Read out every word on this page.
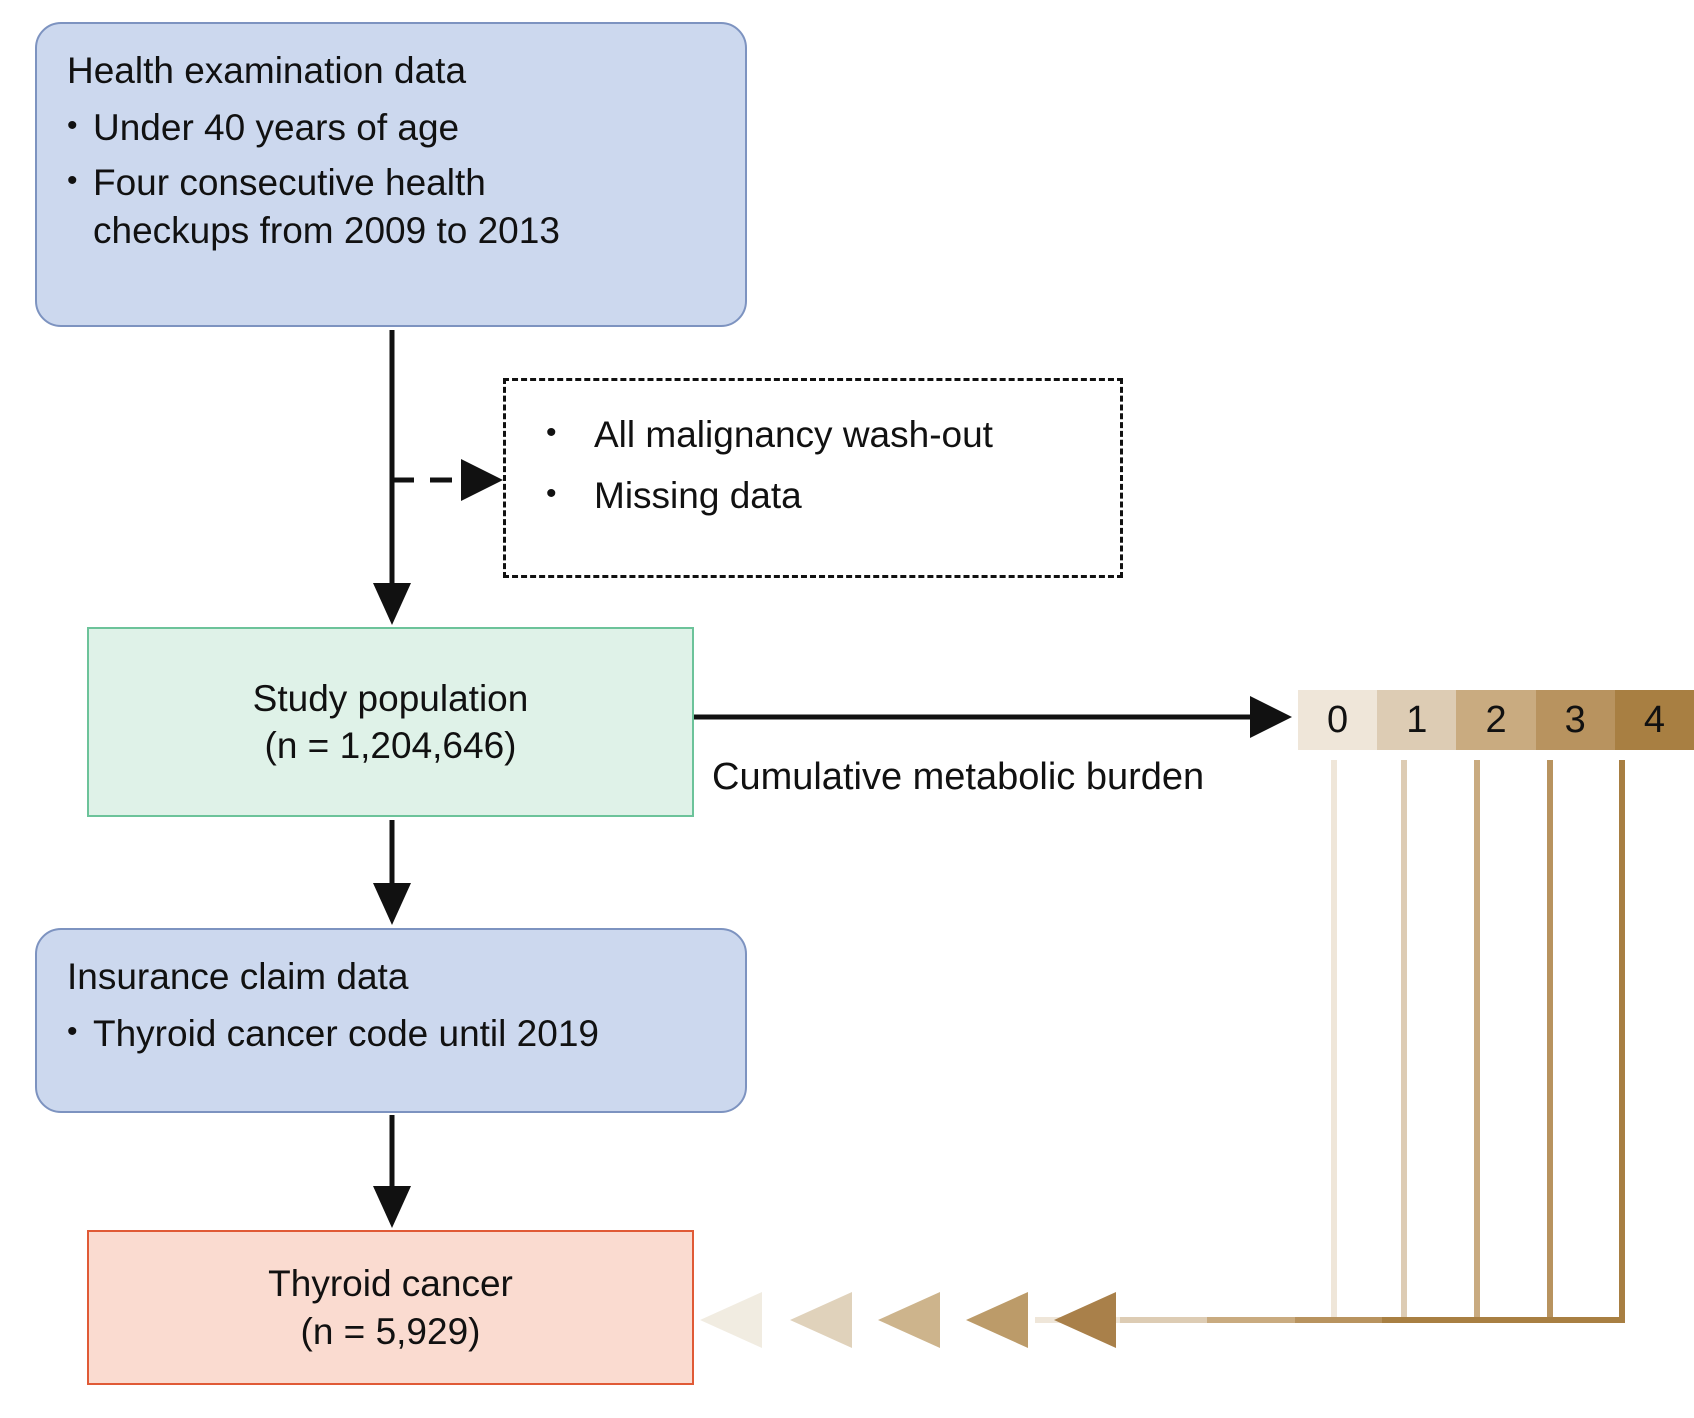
Health examination data
• Under 40 years of age
• Four consecutive health
checkups from 2009 to 2013
•	All malignancy wash-out
•	Missing data
Study population
(n = 1,204,646)
Cumulative metabolic burden
0 1 2 3 4
Insurance claim data
• Thyroid cancer code until 2019
Thyroid cancer
(n = 5,929)
